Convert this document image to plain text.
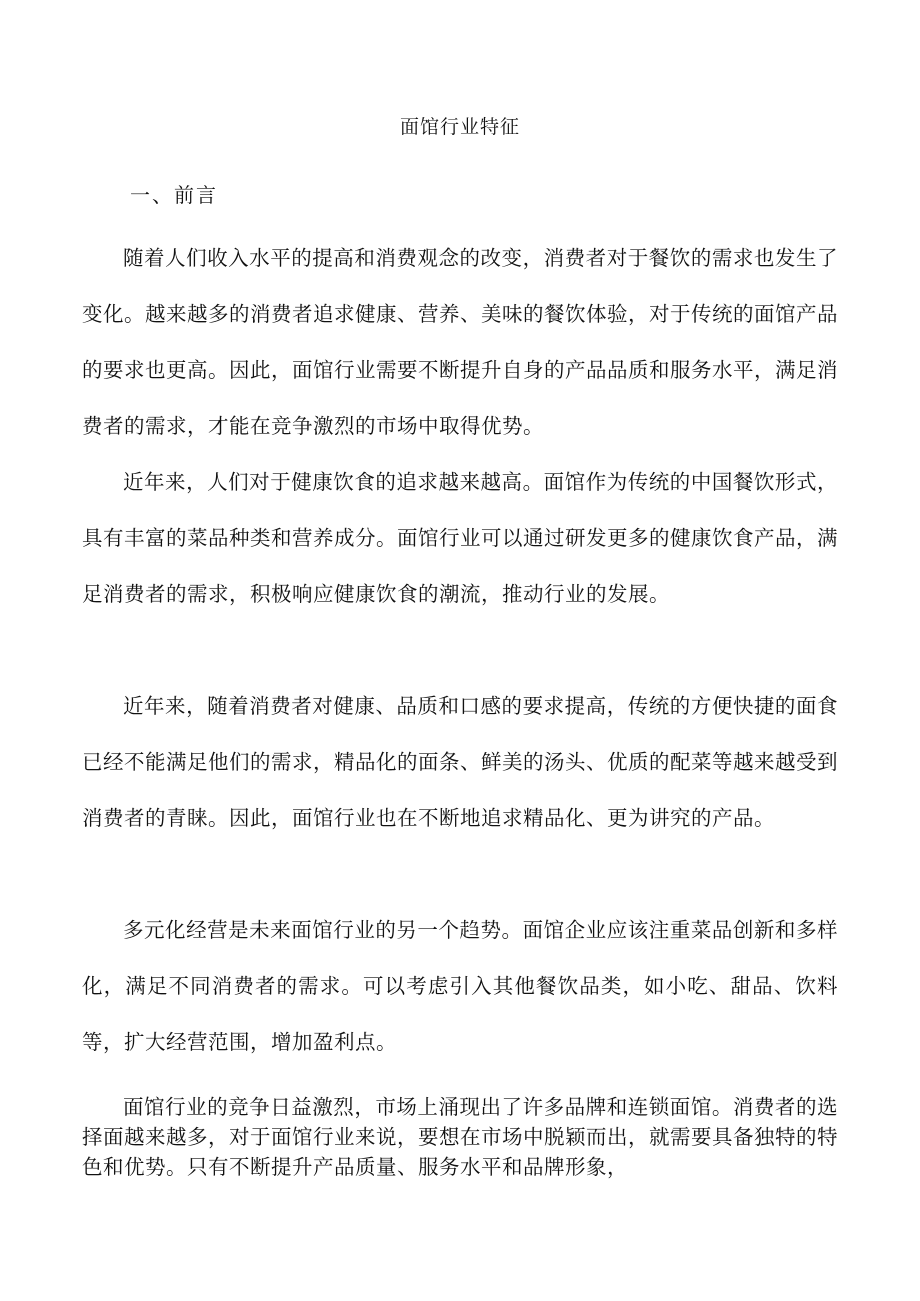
面馆行业特征
一、前言

随着人们收入水平的提高和消费观念的改变，消费者对于餐饮的需求也发生了变化。越来越多的消费者追求健康、营养、美味的餐饮体验，对于传统的面馆产品的要求也更高。因此，面馆行业需要不断提升自身的产品品质和服务水平，满足消费者的需求，才能在竞争激烈的市场中取得优势。

近年来，人们对于健康饮食的追求越来越高。面馆作为传统的中国餐饮形式，具有丰富的菜品种类和营养成分。面馆行业可以通过研发更多的健康饮食产品，满足消费者的需求，积极响应健康饮食的潮流，推动行业的发展。

近年来，随着消费者对健康、品质和口感的要求提高，传统的方便快捷的面食已经不能满足他们的需求，精品化的面条、鲜美的汤头、优质的配菜等越来越受到消费者的青睐。因此，面馆行业也在不断地追求精品化、更为讲究的产品。

多元化经营是未来面馆行业的另一个趋势。面馆企业应该注重菜品创新和多样化，满足不同消费者的需求。可以考虑引入其他餐饮品类，如小吃、甜品、饮料等，扩大经营范围，增加盈利点。

面馆行业的竞争日益激烈，市场上涌现出了许多品牌和连锁面馆。消费者的选择面越来越多，对于面馆行业来说，要想在市场中脱颖而出，就需要具备独特的特色和优势。只有不断提升产品质量、服务水平和品牌形象，
